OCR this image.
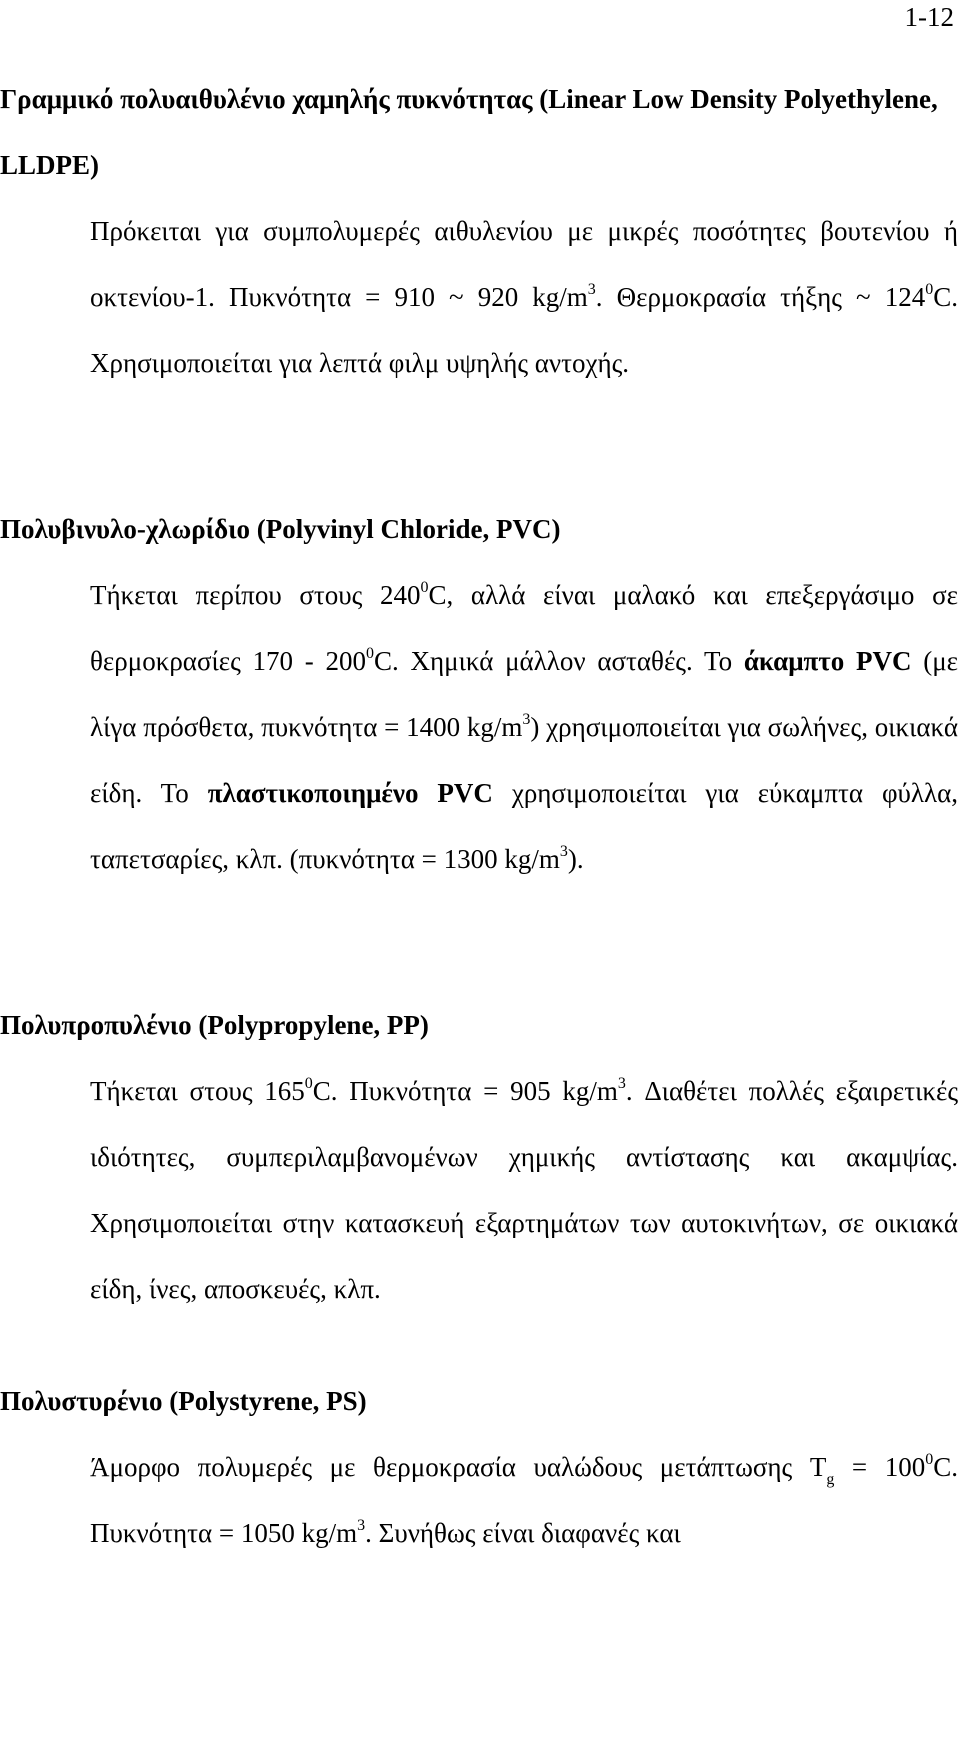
1-12
Γραμμικό πολυαιθυλένιο χαμηλής πυκνότητας (Linear Low Density Polyethylene, LLDPE)

Πρόκειται για συμπολυμερές αιθυλενίου με μικρές ποσότητες βουτενίου ή οκτενίου-1. Πυκνότητα = 910 ~ 920 $kg/m^3$. Θερμοκρασία τήξης ~ $124^0C$. Χρησιμοποιείται για λεπτά φιλμ υψηλής αντοχής.

Πολυβινυλο-χλωρίδιο (Polyvinyl Chloride, PVC)

Τήκεται περίπου στους $240^0C$, αλλά είναι μαλακό και επεξεργάσιμο σε θερμοκρασίες $170 - 200^0C$. Χημικά μάλλον ασταθές. Το άκαμπτο PVC (με λίγα πρόσθετα, πυκνότητα = 1400 $kg/m^3$) χρησιμοποιείται για σωλήνες, οικιακά είδη. Το πλαστικοποιημένο PVC χρησιμοποιείται για εύκαμπτα φύλλα, ταπετσαρίες, κλπ. (πυκνότητα = 1300 $kg/m^3$).

Πολυπροπυλένιο (Polypropylene, PP)

Τήκεται στους $165^0C$. Πυκνότητα = 905 $kg/m^3$. Διαθέτει πολλές εξαιρετικές ιδιότητες, συμπεριλαμβανομένων χημικής αντίστασης και ακαμψίας. Χρησιμοποιείται στην κατασκευή εξαρτημάτων των αυτοκινήτων, σε οικιακά είδη, ίνες, αποσκευές, κλπ.

Πολυστυρένιο (Polystyrene, PS)

Άμορφο πολυμερές με θερμοκρασία υαλώδους μετάπτωσης $T_g = 100^0C$. Πυκνότητα = 1050 $kg/m^3$. Συνήθως είναι διαφανές και
